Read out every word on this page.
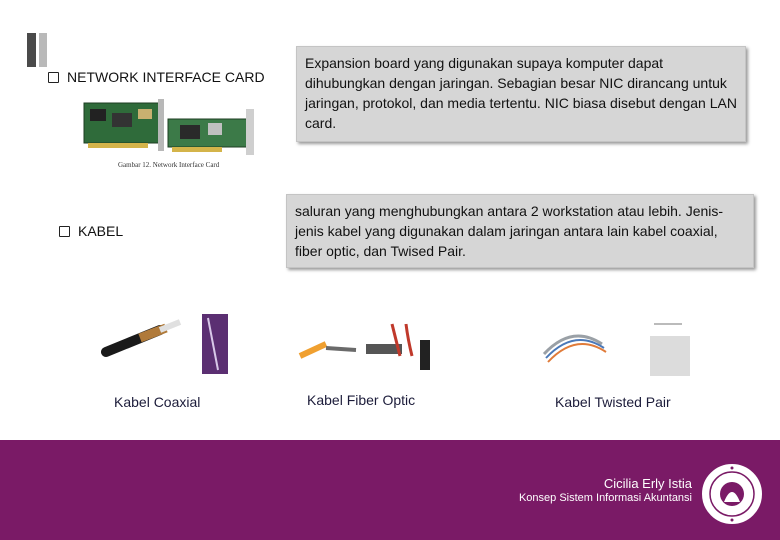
NETWORK INTERFACE CARD
Expansion board yang digunakan supaya komputer dapat dihubungkan dengan jaringan. Sebagian besar NIC dirancang untuk jaringan, protokol, dan media tertentu. NIC biasa disebut dengan LAN card.
Gambar 12. Network Interface Card
KABEL
saluran yang menghubungkan antara 2 workstation atau lebih. Jenis-jenis kabel yang digunakan dalam jaringan antara lain kabel coaxial, fiber optic, dan Twised Pair.
Kabel Coaxial	Kabel Fiber Optic	Kabel Twisted Pair
Cicilia Erly Istia
Konsep Sistem Informasi Akuntansi
